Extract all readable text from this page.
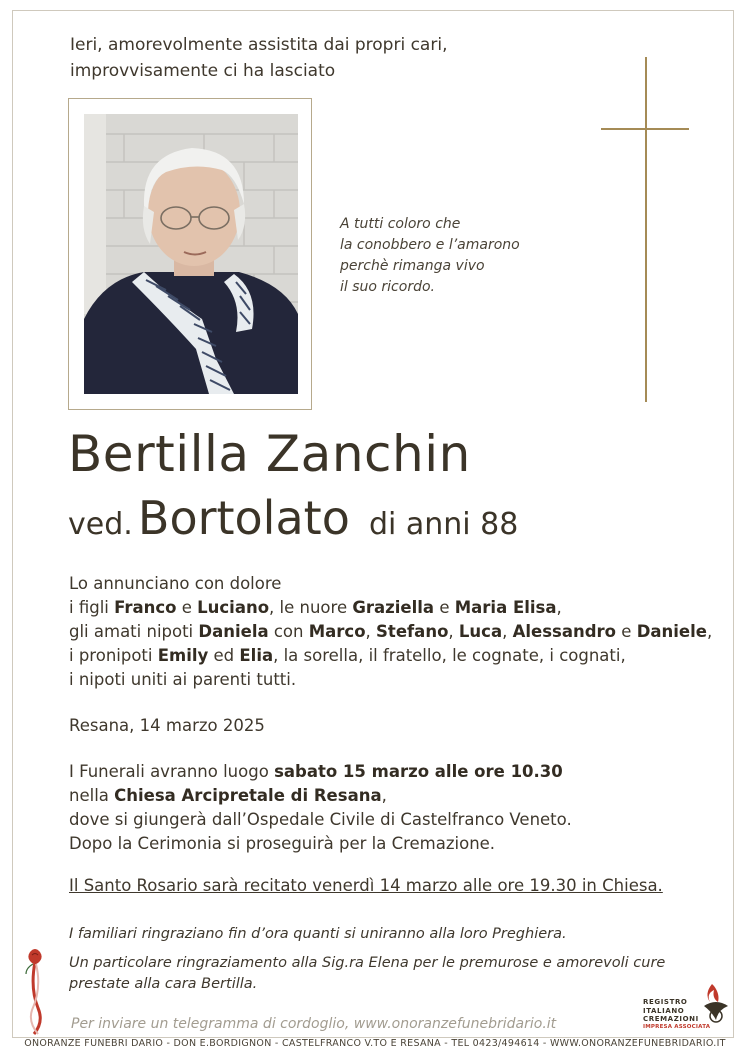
Ieri, amorevolmente assistita dai propri cari,
improvvisamente ci ha lasciato
A tutti coloro che
la conobbero e l’amarono
perchè rimanga vivo
il suo ricordo.
Bertilla Zanchin
ved. Bortolato di anni 88
Lo annunciano con dolore
i figli Franco e Luciano, le nuore Graziella e Maria Elisa,
gli amati nipoti Daniela con Marco, Stefano, Luca, Alessandro e Daniele,
i pronipoti Emily ed Elia, la sorella, il fratello, le cognate, i cognati,
i nipoti uniti ai parenti tutti.
Resana, 14 marzo 2025
I Funerali avranno luogo sabato 15 marzo alle ore 10.30
nella Chiesa Arcipretale di Resana,
dove si giungerà dall’Ospedale Civile di Castelfranco Veneto.
Dopo la Cerimonia si proseguirà per la Cremazione.
Il Santo Rosario sarà recitato venerdì 14 marzo alle ore 19.30 in Chiesa.
I familiari ringraziano fin d’ora quanti si uniranno alla loro Preghiera.
Un particolare ringraziamento alla Sig.ra Elena per le premurose e amorevoli cure
prestate alla cara Bertilla.
REGISTRO
ITALIANO
CREMAZIONI
IMPRESA ASSOCIATA
Per inviare un telegramma di cordoglio, www.onoranzefunebridario.it
ONORANZE FUNEBRI DARIO - DON E.BORDIGNON - CASTELFRANCO V.TO E RESANA - TEL 0423/494614 - WWW.ONORANZEFUNEBRIDARIO.IT
